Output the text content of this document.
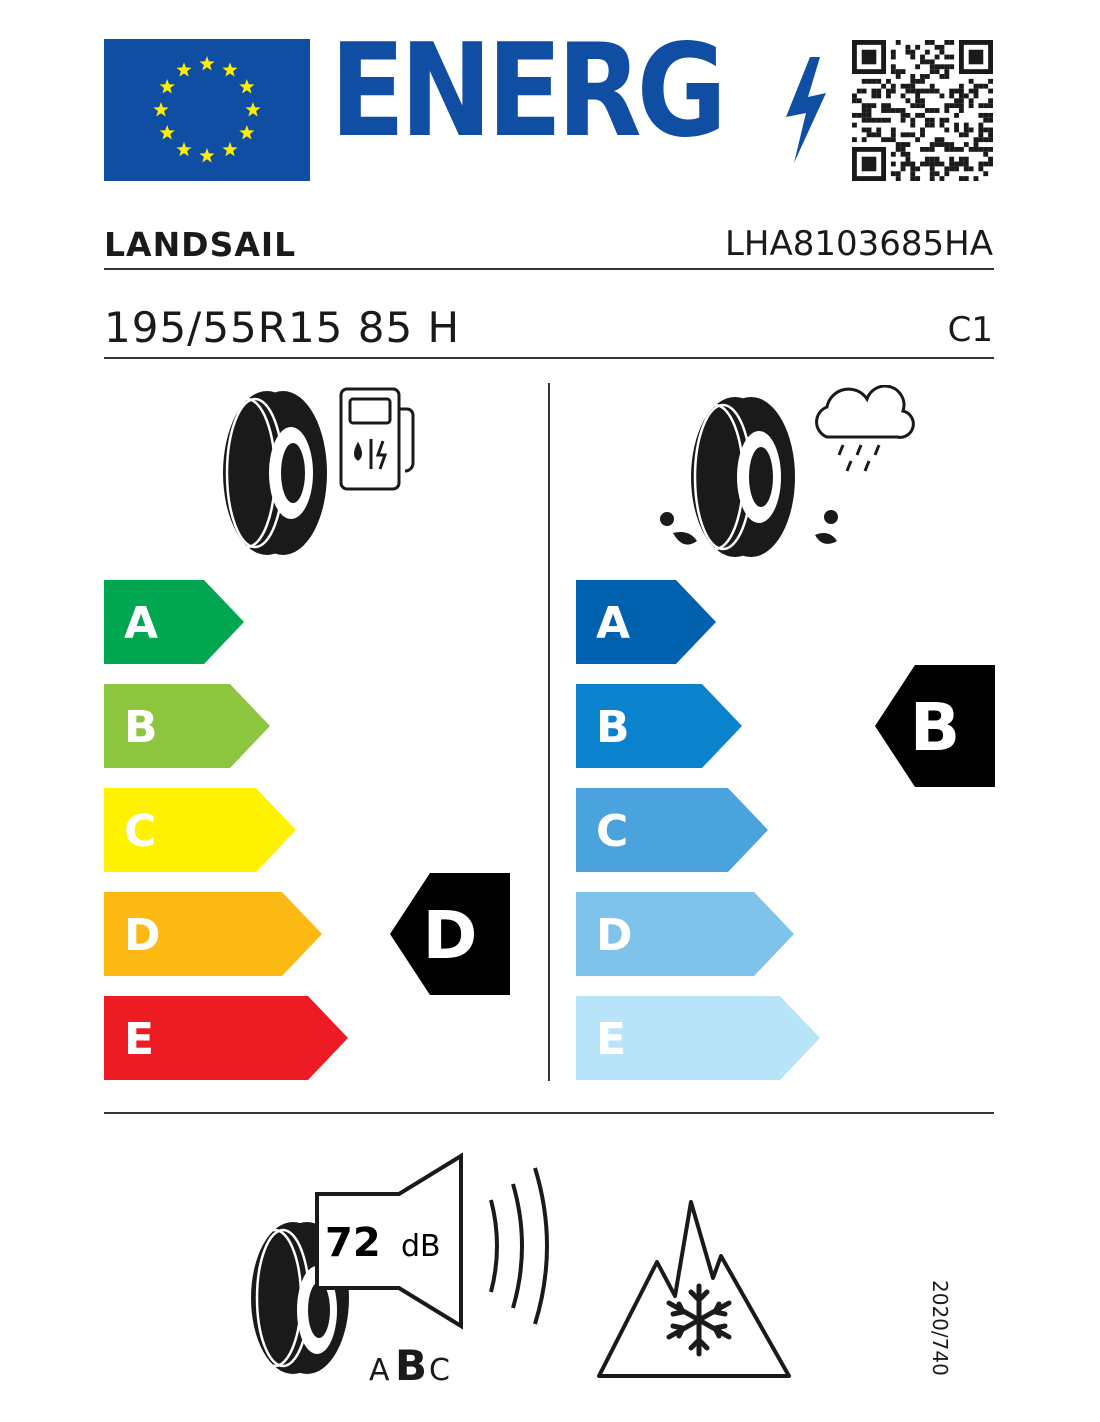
ENERG
LANDSAIL	LHA8103685HA
195/55R15 85 H	C1
A
B
C
D	D
E
A
B	B
C
D
E
72 dB
A B C	2020/740
